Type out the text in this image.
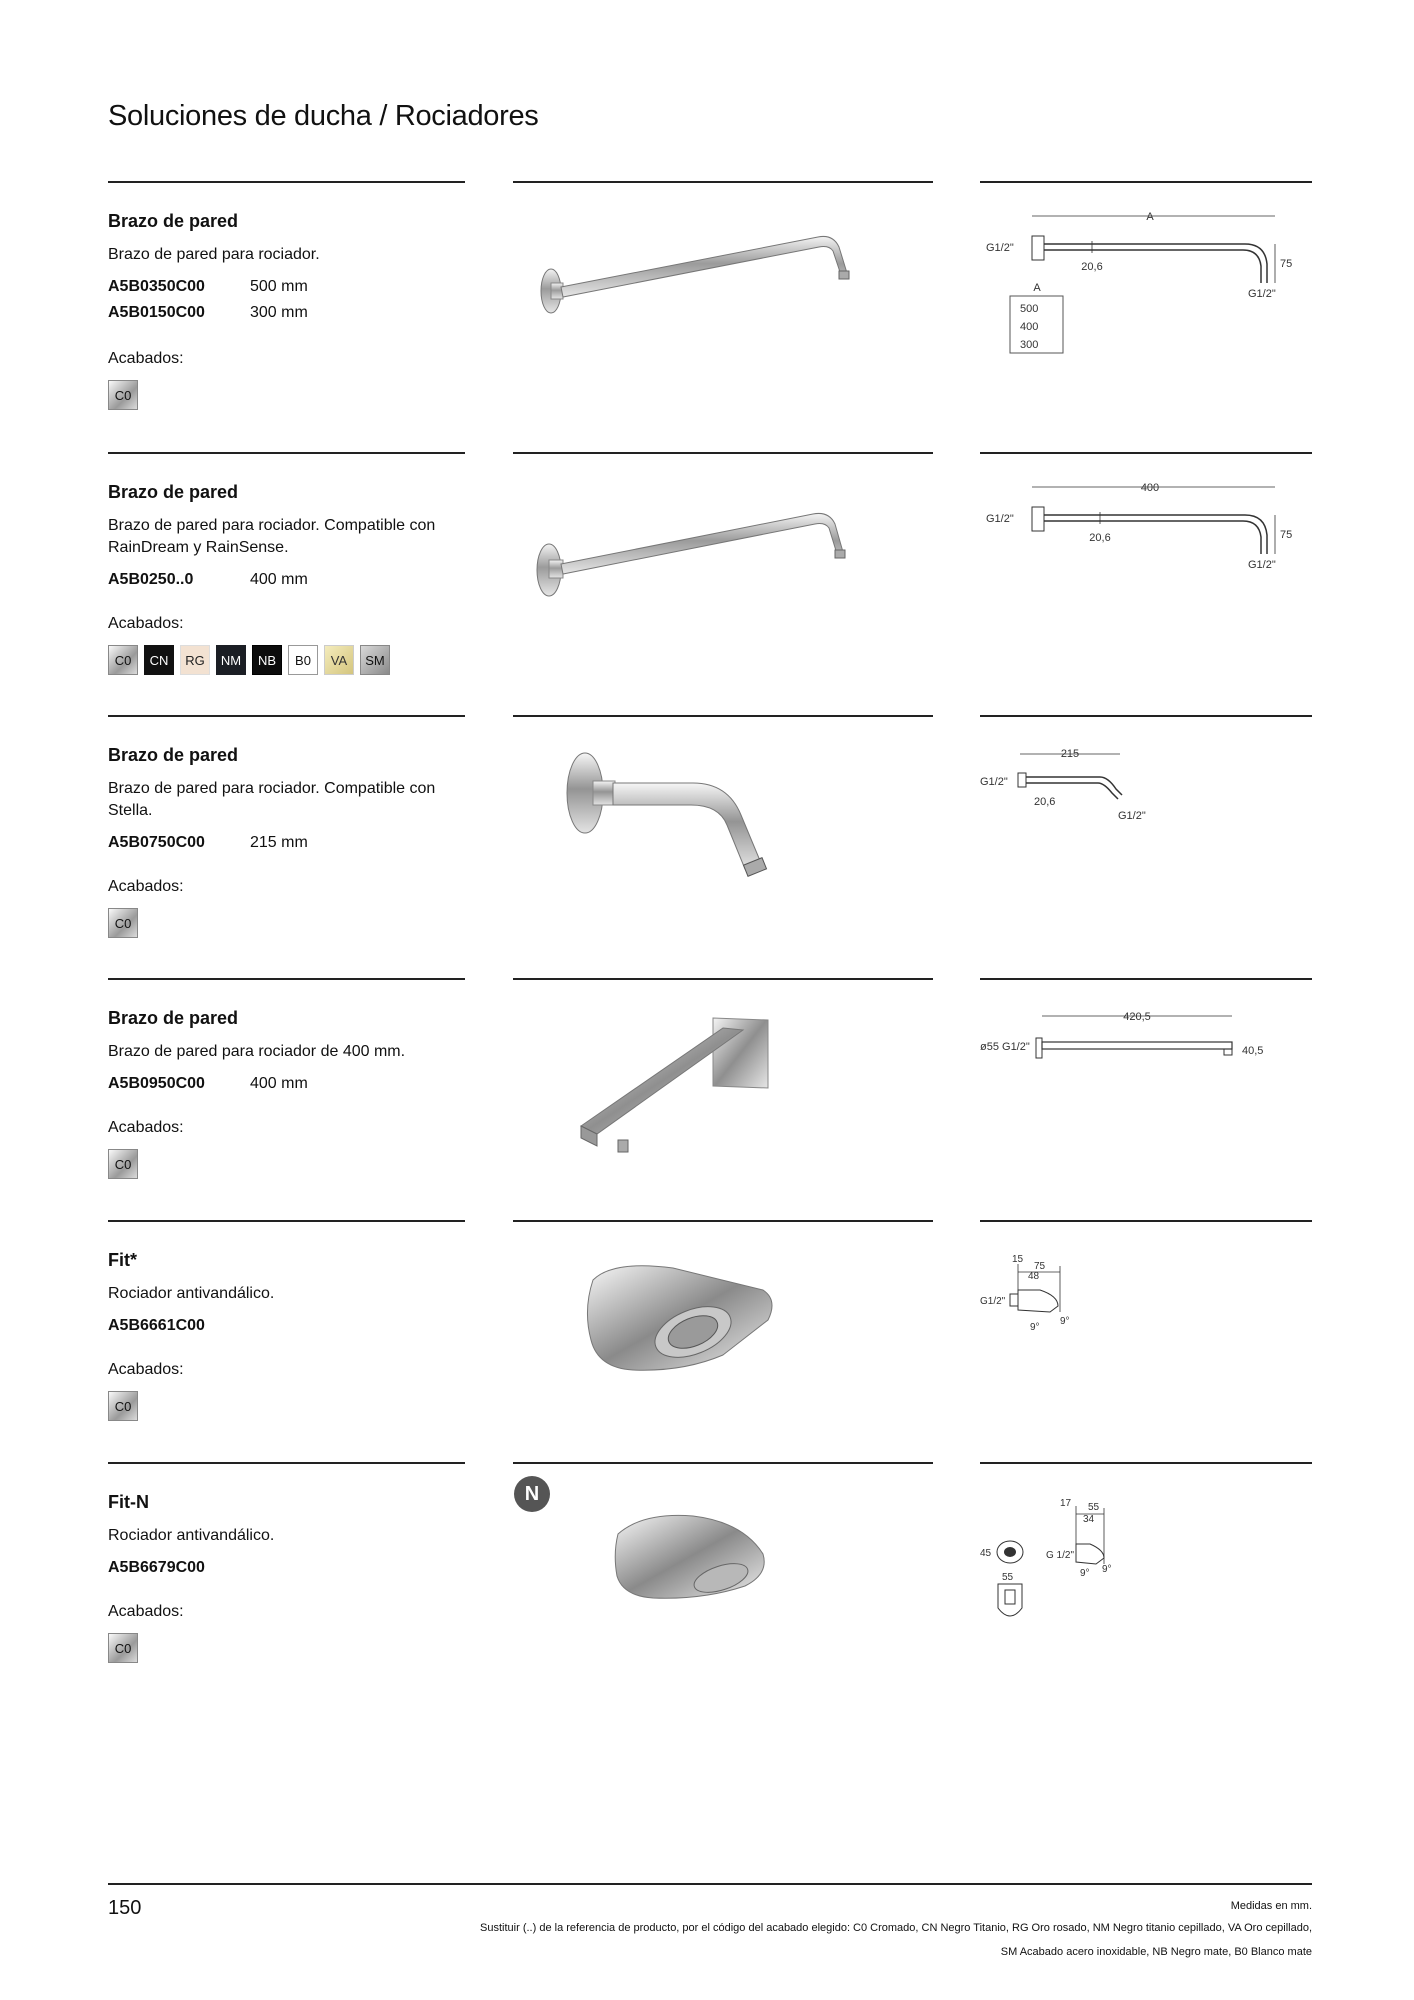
Soluciones de ducha / Rociadores
Brazo de pared
Brazo de pared para rociador.
A5B0350C00	500 mm
A5B0150C00	300 mm
Acabados:
C0
A
G1/2"
20,6	75
G1/2"
A
500
400
300
Brazo de pared
Brazo de pared para rociador. Compatible con RainDream y RainSense.
A5B0250..0	400 mm
Acabados:
C0	CN	RG	NM	NB	B0	VA	SM
400
G1/2"
20,6	75
G1/2"
Brazo de pared
Brazo de pared para rociador. Compatible con Stella.
A5B0750C00	215 mm
Acabados:
C0
215
G1/2"
20,6
G1/2"
Brazo de pared
Brazo de pared para rociador de 400 mm.
A5B0950C00	400 mm
Acabados:
C0
420,5
ø55 G1/2"	40,5
Fit*
Rociador antivandálico.
A5B6661C00
Acabados:
C0
15
75
48
G1/2"
9°
9°
Fit-N
Rociador antivandálico.
A5B6679C00
Acabados:
C0
N
45
17 55
34
G 1/2"
9° 9°
55
150	Medidas en mm.
Sustituir (..) de la referencia de producto, por el código del acabado elegido: C0 Cromado, CN Negro Titanio, RG Oro rosado, NM Negro titanio cepillado, VA Oro cepillado,
SM Acabado acero inoxidable, NB Negro mate, B0 Blanco mate
